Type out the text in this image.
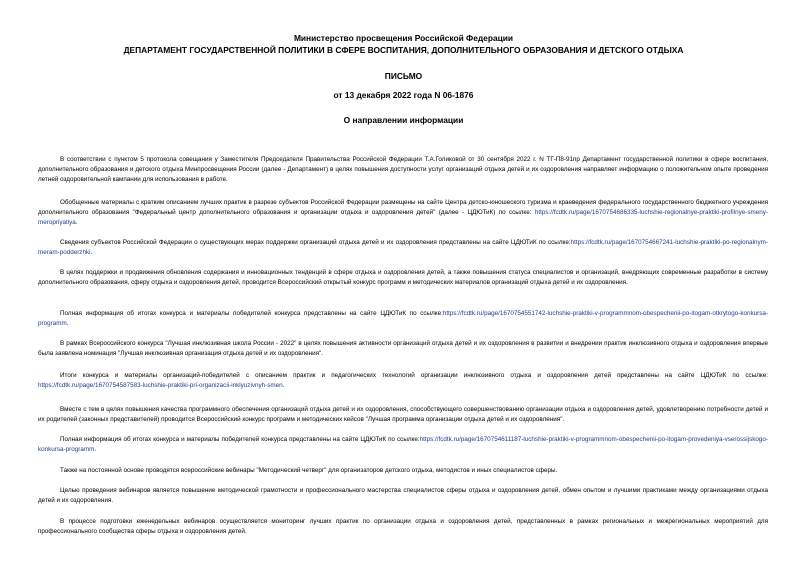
Министерство просвещения Российской Федерации
ДЕПАРТАМЕНТ ГОСУДАРСТВЕННОЙ ПОЛИТИКИ В СФЕРЕ ВОСПИТАНИЯ, ДОПОЛНИТЕЛЬНОГО ОБРАЗОВАНИЯ И ДЕТСКОГО ОТДЫХА
ПИСЬМО
от 13 декабря 2022 года N 06-1876
О направлении информации

В соответствии с пунктом 5 протокола совещания у Заместителя Председателя Правительства Российской Федерации Т.А.Голиковой от 30 сентября 2022 г. N ТГ-П8-91пр Департамент государственной политики в сфере воспитания, дополнительного образования и детского отдыха Минпросвещения России (далее - Департамент) в целях повышения доступности услуг организаций отдыха детей и их оздоровления направляет информацию о положительном опыте проведения летней оздоровительной кампании для использования в работе.

Обобщенные материалы с кратким описанием лучших практик в разрезе субъектов Российской Федерации размещены на сайте Центра детско-юношеского туризма и краеведения федерального государственного бюджетного учреждения дополнительного образования "Федеральный центр дополнительного образования и организации отдыха и оздоровления детей" (далее - ЦДЮТиК) по ссылке: https://fcdtk.ru/page/1670754686335-luchshie-regionalnye-praktiki-profilnye-smeny-meropriyatiya.

Сведения субъектов Российской Федерации о существующих мерах поддержки организаций отдыха детей и их оздоровления представлены на сайте ЦДЮТиК по ссылке:https://fcdtk.ru/page/1670754667241-luchshie-praktiki-po-regionalnym-meram-podderzhki.

В целях поддержки и продвижения обновления содержания и инновационных тенденций в сфере отдыха и оздоровления детей, а также повышения статуса специалистов и организаций, внедряющих современные разработки в систему дополнительного образования, сферу отдыха и оздоровления детей, проводится Всероссийский открытый конкурс программ и методических материалов организаций отдыха детей и их оздоровления.

Полная информация об итогах конкурса и материалы победителей конкурса представлены на сайте ЦДЮТиК по ссылке:https://fcdtk.ru/page/1670754551742-luchshie-praktiki-v-programmnom-obespechenii-po-itogam-otkrytogo-konkursa-programm.

В рамках Всероссийского конкурса "Лучшая инклюзивная школа России - 2022" в целях повышения активности организаций отдыха детей и их оздоровления в развитии и внедрении практик инклюзивного отдыха и оздоровления впервые была заявлена номинация "Лучшая инклюзивная организация отдыха детей и их оздоровления".

Итоги конкурса и материалы организаций-победителей с описанием практик и педагогических технологий организации инклюзивного отдыха и оздоровления детей представлены на сайте ЦДЮТиК по ссылке: https://fcdtk.ru/page/1670754587583-luchshie-praktiki-pri-organizacii-inklyuzivnyh-smen.

Вместе с тем в целях повышения качества программного обеспечения организаций отдыха детей и их оздоровления, способствующего совершенствованию организации отдыха и оздоровления детей, удовлетворению потребности детей и их родителей (законных представителей) проводится Всероссийский конкурс программ и методических кейсов "Лучшая программа организации отдыха детей и их оздоровления".

Полная информация об итогах конкурса и материалы победителей конкурса представлены на сайте ЦДЮТиК по ссылке:https://fcdtk.ru/page/1670754611187-luchshie-praktiki-v-programmnom-obespechenii-po-itogam-provedeniya-vserossijskogo-konkursa-programm.

Также на постоянной основе проводятся всероссийские вебинары "Методический четверг" для организаторов детского отдыха, методистов и иных специалистов сферы.

Целью проведения вебинаров является повышение методической грамотности и профессионального мастерства специалистов сферы отдыха и оздоровления детей, обмен опытом и лучшими практиками между организациями отдыха детей и их оздоровления.

В процессе подготовки еженедельных вебинаров осуществляется мониторинг лучших практик по организации отдыха и оздоровления детей, представленных в рамках региональных и межрегиональных мероприятий для профессионального сообщества сферы отдыха и оздоровления детей.
